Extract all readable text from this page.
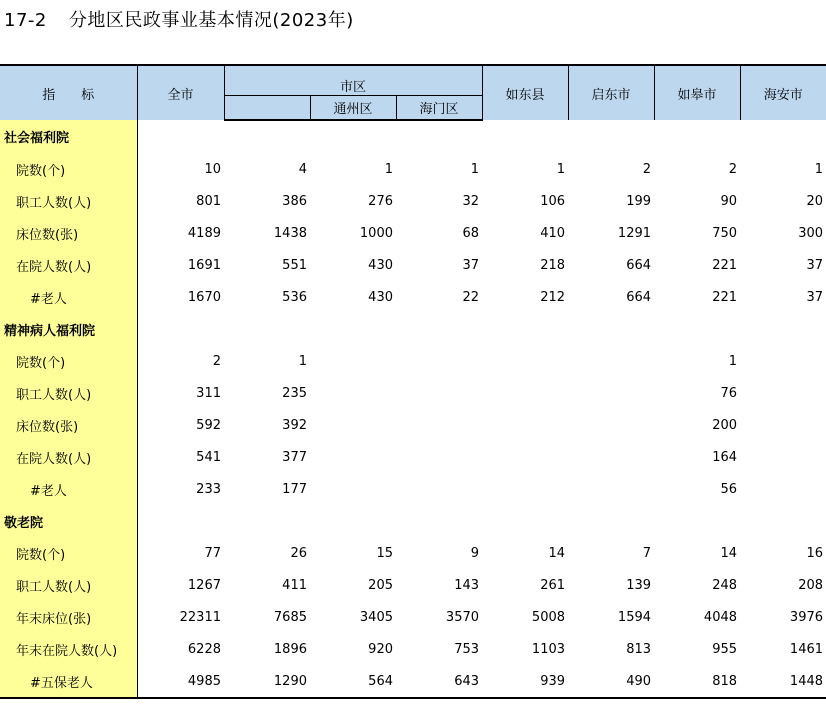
17-2 分地区民政事业基本情况(2023年)
指　　标	全市	市区			如东县	启东市	如皋市	海安市
			通州区	海门区				
社会福利院								
院数(个)	10	4	1	1	1	2	2	1
职工人数(人)	801	386	276	32	106	199	90	20
床位数(张)	4189	1438	1000	68	410	1291	750	300
在院人数(人)	1691	551	430	37	218	664	221	37
#老人	1670	536	430	22	212	664	221	37
精神病人福利院								
院数(个)	2	1					1	
职工人数(人)	311	235					76	
床位数(张)	592	392					200	
在院人数(人)	541	377					164	
#老人	233	177					56	
敬老院								
院数(个)	77	26	15	9	14	7	14	16
职工人数(人)	1267	411	205	143	261	139	248	208
年末床位(张)	22311	7685	3405	3570	5008	1594	4048	3976
年末在院人数(人)	6228	1896	920	753	1103	813	955	1461
#五保老人	4985	1290	564	643	939	490	818	1448
